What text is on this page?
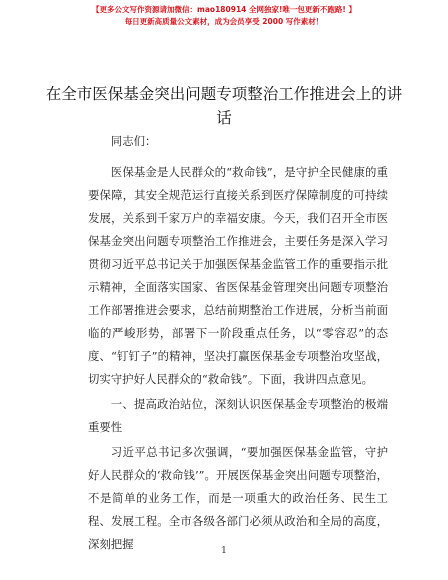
【更多公文写作资源请加微信：mao180914 全网独家!唯一包更新不跑路! 】
每日更新高质量公文素材，成为会员享受 2000 写作素材！
在全市医保基金突出问题专项整治工作推进会上的讲话

同志们：

医保基金是人民群众的“救命钱”，是守护全民健康的重要保障，其安全规范运行直接关系到医疗保障制度的可持续发展，关系到千家万户的幸福安康。今天，我们召开全市医保基金突出问题专项整治工作推进会，主要任务是深入学习贯彻习近平总书记关于加强医保基金监管工作的重要指示批示精神，全面落实国家、省医保基金管理突出问题专项整治工作部署推进会要求，总结前期整治工作进展，分析当前面临的严峻形势，部署下一阶段重点任务，以“零容忍”的态度、“钉钉子”的精神，坚决打赢医保基金专项整治攻坚战，切实守护好人民群众的“救命钱”。下面，我讲四点意见。

一、提高政治站位，深刻认识医保基金专项整治的极端重要性

习近平总书记多次强调，“要加强医保基金监管，守护好人民群众的‘救命钱’”。开展医保基金突出问题专项整治，不是简单的业务工作，而是一项重大的政治任务、民生工程、发展工程。全市各级各部门必须从政治和全局的高度，深刻把握	1
